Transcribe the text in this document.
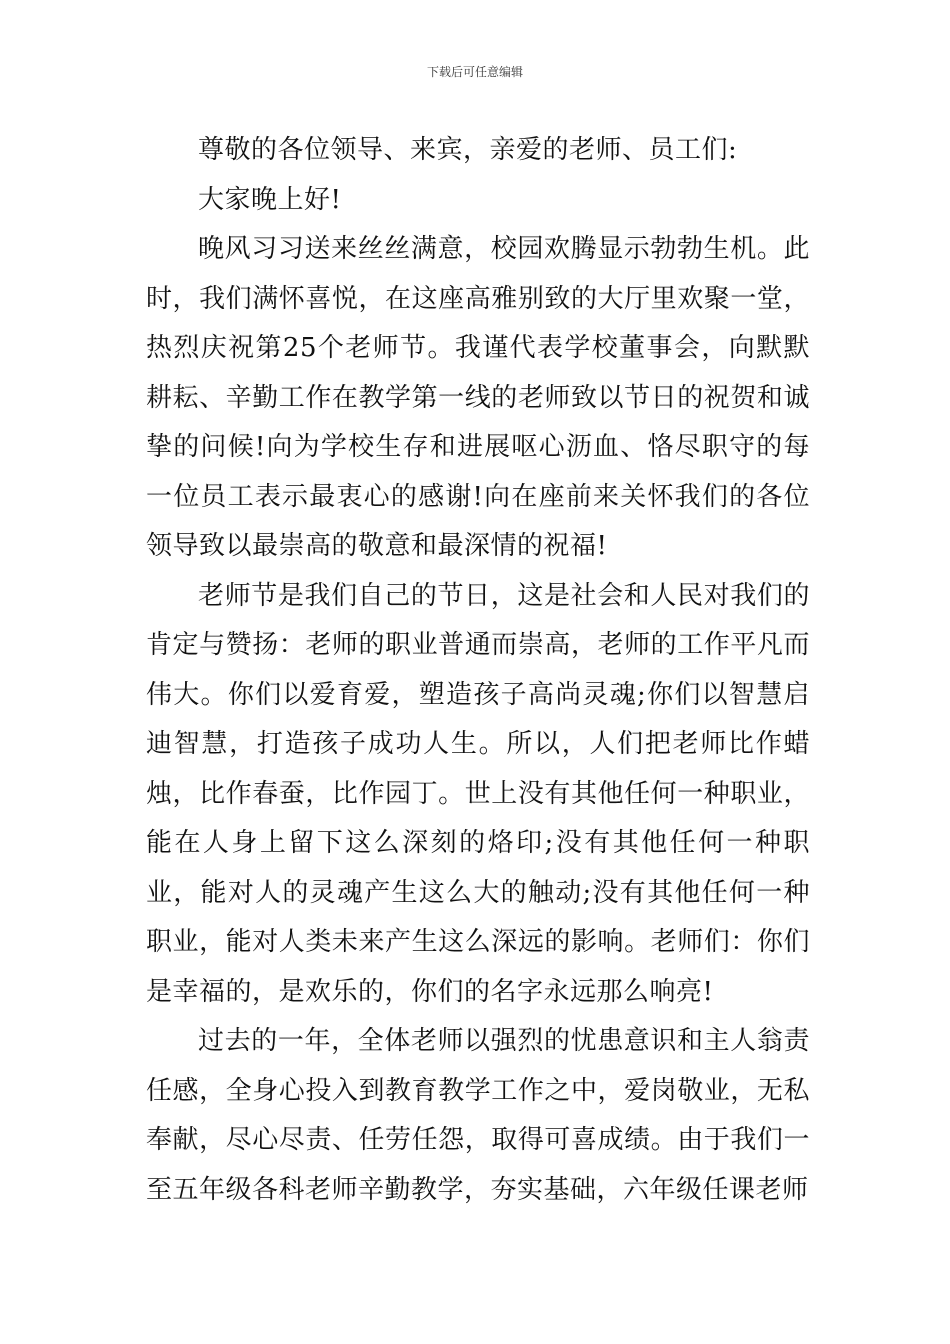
下载后可任意编辑

尊敬的各位领导、来宾，亲爱的老师、员工们:

大家晚上好!

晚风习习送来丝丝满意，校园欢腾显示勃勃生机。此时，我们满怀喜悦，在这座高雅别致的大厅里欢聚一堂，热烈庆祝第25个老师节。我谨代表学校董事会，向默默耕耘、辛勤工作在教学第一线的老师致以节日的祝贺和诚挚的问候!向为学校生存和进展呕心沥血、恪尽职守的每一位员工表示最衷心的感谢!向在座前来关怀我们的各位领导致以最崇高的敬意和最深情的祝福!

老师节是我们自己的节日，这是社会和人民对我们的肯定与赞扬：老师的职业普通而崇高，老师的工作平凡而伟大。你们以爱育爱，塑造孩子高尚灵魂;你们以智慧启迪智慧，打造孩子成功人生。所以，人们把老师比作蜡烛，比作春蚕，比作园丁。世上没有其他任何一种职业，能在人身上留下这么深刻的烙印;没有其他任何一种职业，能对人的灵魂产生这么大的触动;没有其他任何一种职业，能对人类未来产生这么深远的影响。老师们：你们是幸福的，是欢乐的，你们的名字永远那么响亮!

过去的一年，全体老师以强烈的忧患意识和主人翁责任感，全身心投入到教育教学工作之中，爱岗敬业，无私奉献，尽心尽责、任劳任怨，取得可喜成绩。由于我们一至五年级各科老师辛勤教学，夯实基础，六年级任课老师
